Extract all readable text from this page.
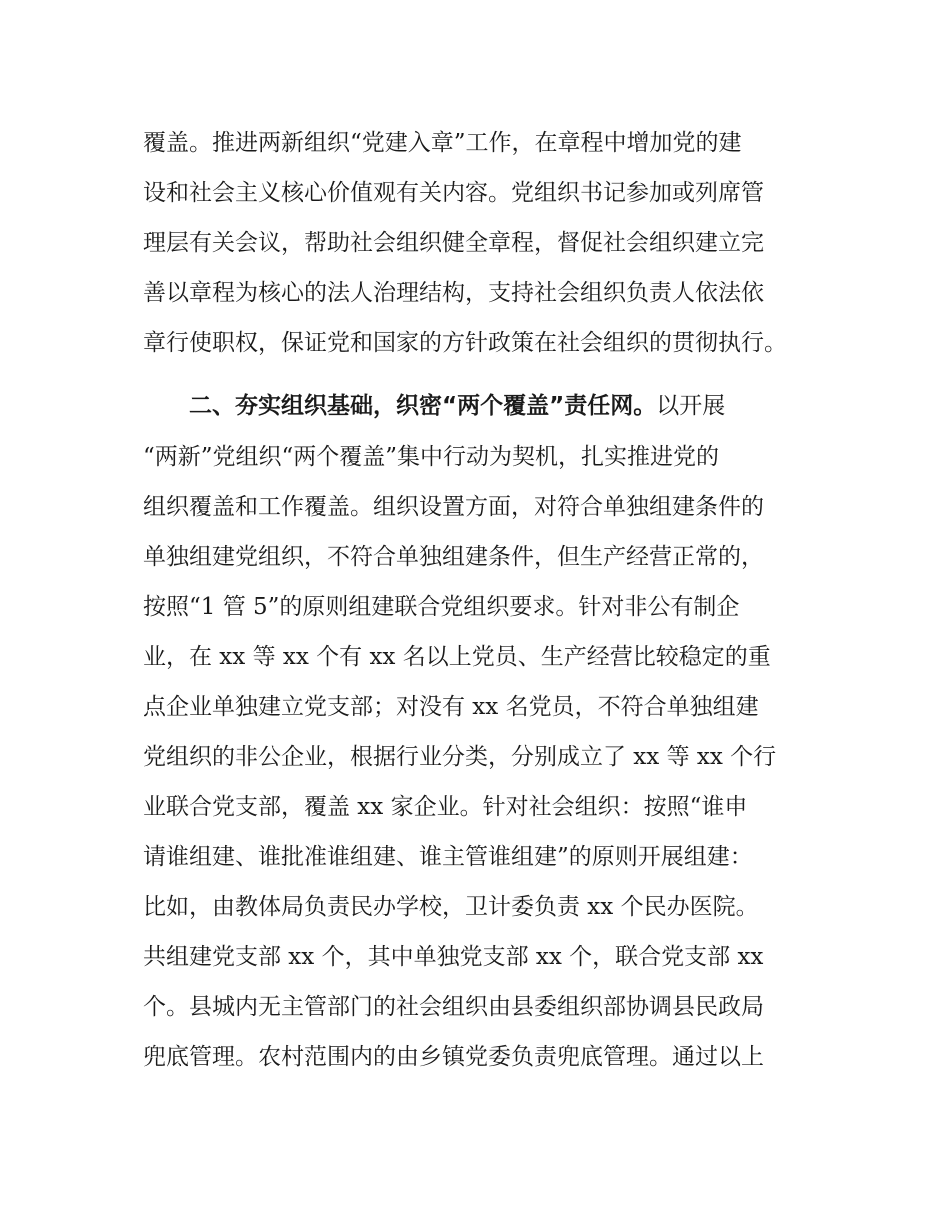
覆盖。推进两新组织“党建入章”工作，在章程中增加党的建
设和社会主义核心价值观有关内容。党组织书记参加或列席管
理层有关会议，帮助社会组织健全章程，督促社会组织建立完
善以章程为核心的法人治理结构，支持社会组织负责人依法依
章行使职权，保证党和国家的方针政策在社会组织的贯彻执行。
二、夯实组织基础，织密“两个覆盖”责任网。以开展
“两新”党组织“两个覆盖”集中行动为契机，扎实推进党的
组织覆盖和工作覆盖。组织设置方面，对符合单独组建条件的
单独组建党组织，不符合单独组建条件，但生产经营正常的，
按照“1 管 5”的原则组建联合党组织要求。针对非公有制企
业，在 xx 等 xx 个有 xx 名以上党员、生产经营比较稳定的重
点企业单独建立党支部；对没有 xx 名党员，不符合单独组建
党组织的非公企业，根据行业分类，分别成立了 xx 等 xx 个行
业联合党支部，覆盖 xx 家企业。针对社会组织：按照“谁申
请谁组建、谁批准谁组建、谁主管谁组建”的原则开展组建：
比如，由教体局负责民办学校，卫计委负责 xx 个民办医院。
共组建党支部 xx 个，其中单独党支部 xx 个，联合党支部 xx
个。县城内无主管部门的社会组织由县委组织部协调县民政局
兜底管理。农村范围内的由乡镇党委负责兜底管理。通过以上
